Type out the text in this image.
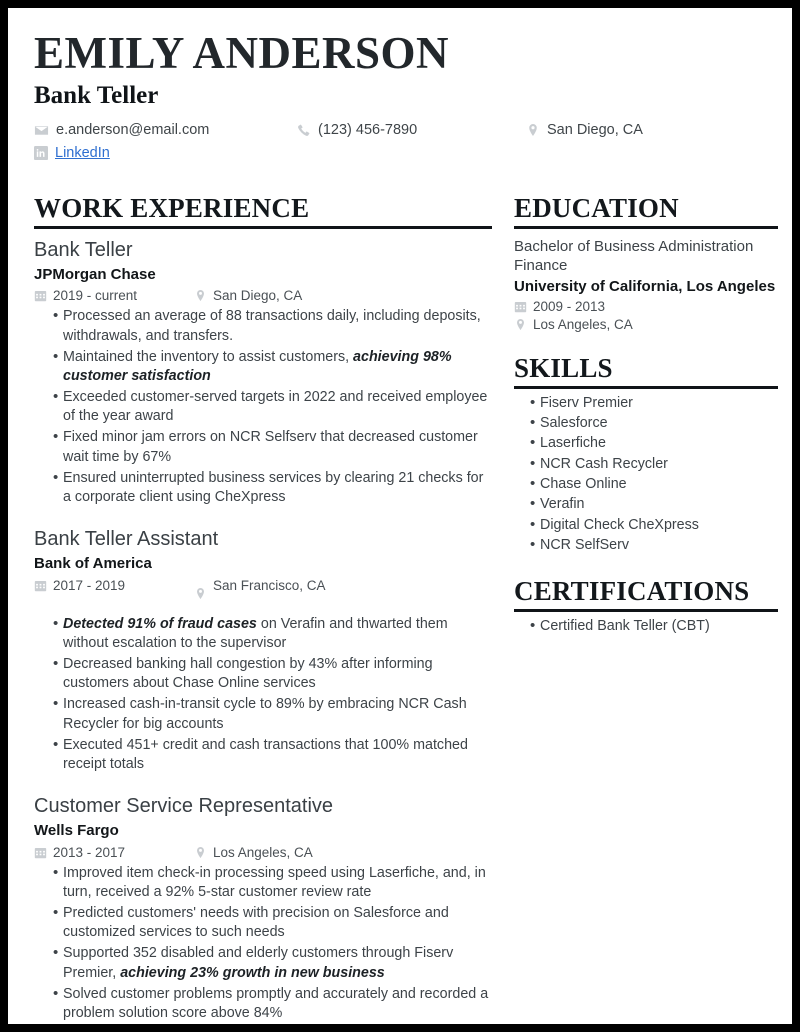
EMILY ANDERSON
Bank Teller
e.anderson@email.com	(123) 456-7890	San Diego, CA
LinkedIn
WORK EXPERIENCE
Bank Teller
JPMorgan Chase
2019 - current	San Diego, CA
• Processed an average of 88 transactions daily, including deposits, withdrawals, and transfers.
• Maintained the inventory to assist customers, achieving 98% customer satisfaction
• Exceeded customer-served targets in 2022 and received employee of the year award
• Fixed minor jam errors on NCR Selfserv that decreased customer wait time by 67%
• Ensured uninterrupted business services by clearing 21 checks for a corporate client using CheXpress
Bank Teller Assistant
Bank of America
2017 - 2019	San Francisco, CA
• Detected 91% of fraud cases on Verafin and thwarted them without escalation to the supervisor
• Decreased banking hall congestion by 43% after informing customers about Chase Online services
• Increased cash-in-transit cycle to 89% by embracing NCR Cash Recycler for big accounts
• Executed 451+ credit and cash transactions that 100% matched receipt totals
Customer Service Representative
Wells Fargo
2013 - 2017	Los Angeles, CA
• Improved item check-in processing speed using Laserfiche, and, in turn, received a 92% 5-star customer review rate
• Predicted customers' needs with precision on Salesforce and customized services to such needs
• Supported 352 disabled and elderly customers through Fiserv Premier, achieving 23% growth in new business
• Solved customer problems promptly and accurately and recorded a problem solution score above 84%
EDUCATION
Bachelor of Business Administration
Finance
University of California, Los Angeles
2009 - 2013
Los Angeles, CA
SKILLS
• Fiserv Premier
• Salesforce
• Laserfiche
• NCR Cash Recycler
• Chase Online
• Verafin
• Digital Check CheXpress
• NCR SelfServ
CERTIFICATIONS
• Certified Bank Teller (CBT)
